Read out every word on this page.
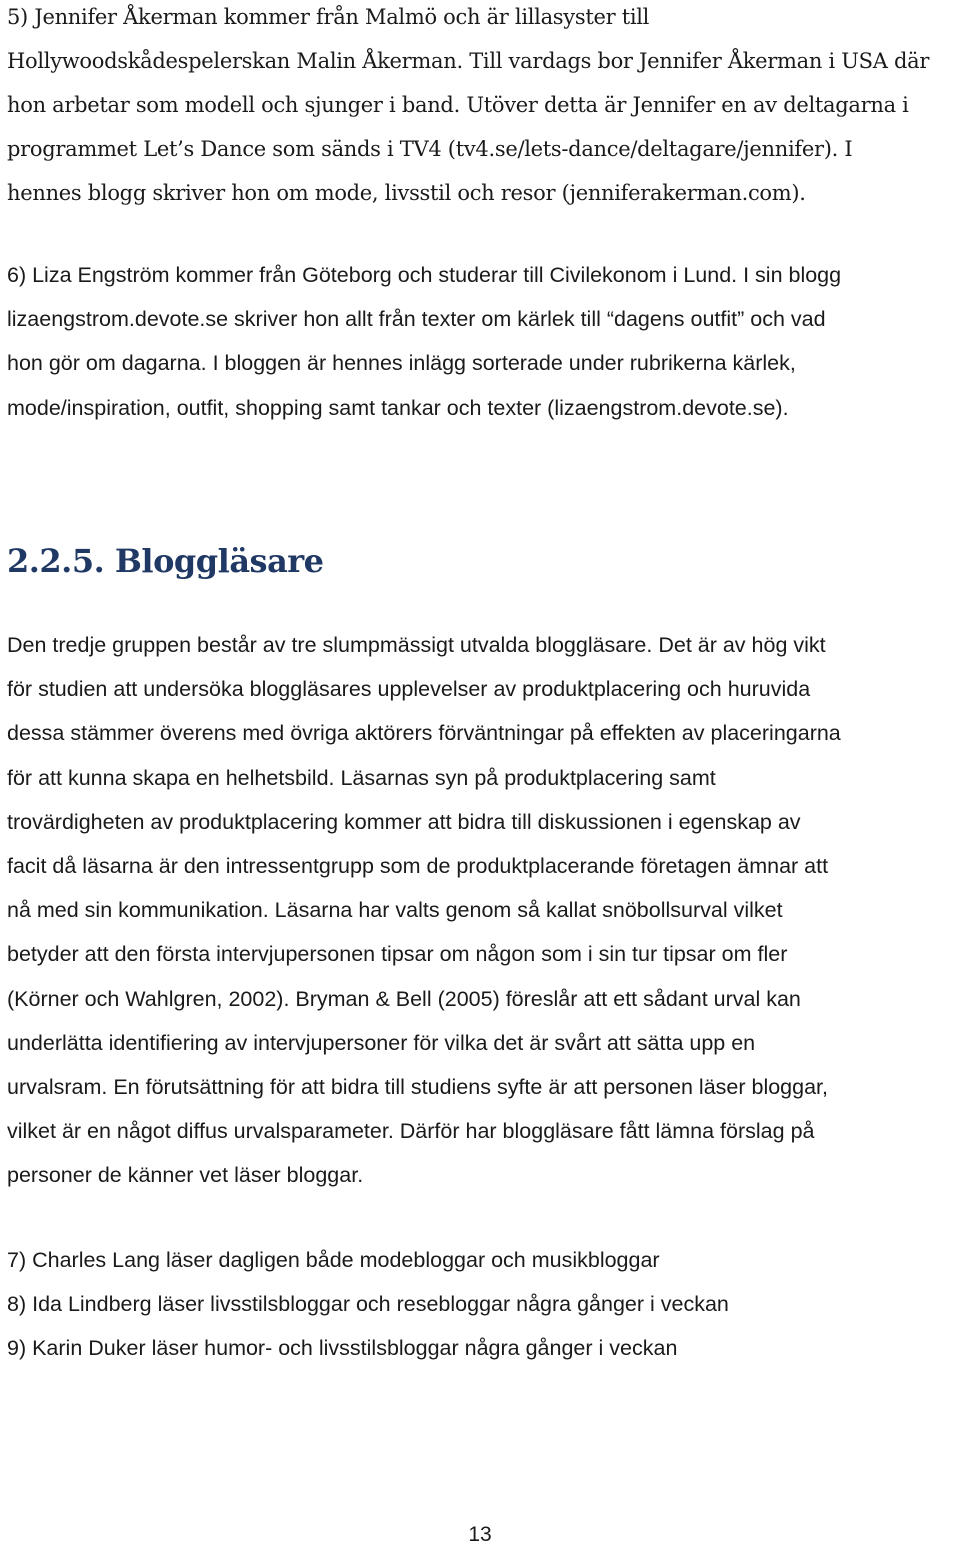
5) Jennifer Åkerman kommer från Malmö och är lillasyster till
Hollywoodskådespelerskan Malin Åkerman. Till vardags bor Jennifer Åkerman i USA där
hon arbetar som modell och sjunger i band. Utöver detta är Jennifer en av deltagarna i
programmet Let’s Dance som sänds i TV4 (tv4.se/lets-dance/deltagare/jennifer). I
hennes blogg skriver hon om mode, livsstil och resor (jenniferakerman.com).
6) Liza Engström kommer från Göteborg och studerar till Civilekonom i Lund. I sin blogg
lizaengstrom.devote.se skriver hon allt från texter om kärlek till “dagens outfit” och vad
hon gör om dagarna. I bloggen är hennes inlägg sorterade under rubrikerna kärlek,
mode/inspiration, outfit, shopping samt tankar och texter (lizaengstrom.devote.se).
2.2.5. Bloggläsare
Den tredje gruppen består av tre slumpmässigt utvalda bloggläsare. Det är av hög vikt
för studien att undersöka bloggläsares upplevelser av produktplacering och huruvida
dessa stämmer överens med övriga aktörers förväntningar på effekten av placeringarna
för att kunna skapa en helhetsbild. Läsarnas syn på produktplacering samt
trovärdigheten av produktplacering kommer att bidra till diskussionen i egenskap av
facit då läsarna är den intressentgrupp som de produktplacerande företagen ämnar att
nå med sin kommunikation. Läsarna har valts genom så kallat snöbollsurval vilket
betyder att den första intervjupersonen tipsar om någon som i sin tur tipsar om fler
(Körner och Wahlgren, 2002). Bryman & Bell (2005) föreslår att ett sådant urval kan
underlätta identifiering av intervjupersoner för vilka det är svårt att sätta upp en
urvalsram. En förutsättning för att bidra till studiens syfte är att personen läser bloggar,
vilket är en något diffus urvalsparameter. Därför har bloggläsare fått lämna förslag på
personer de känner vet läser bloggar.
7) Charles Lang läser dagligen både modebloggar och musikbloggar
8) Ida Lindberg läser livsstilsbloggar och resebloggar några gånger i veckan
9) Karin Duker läser humor- och livsstilsbloggar några gånger i veckan
13
